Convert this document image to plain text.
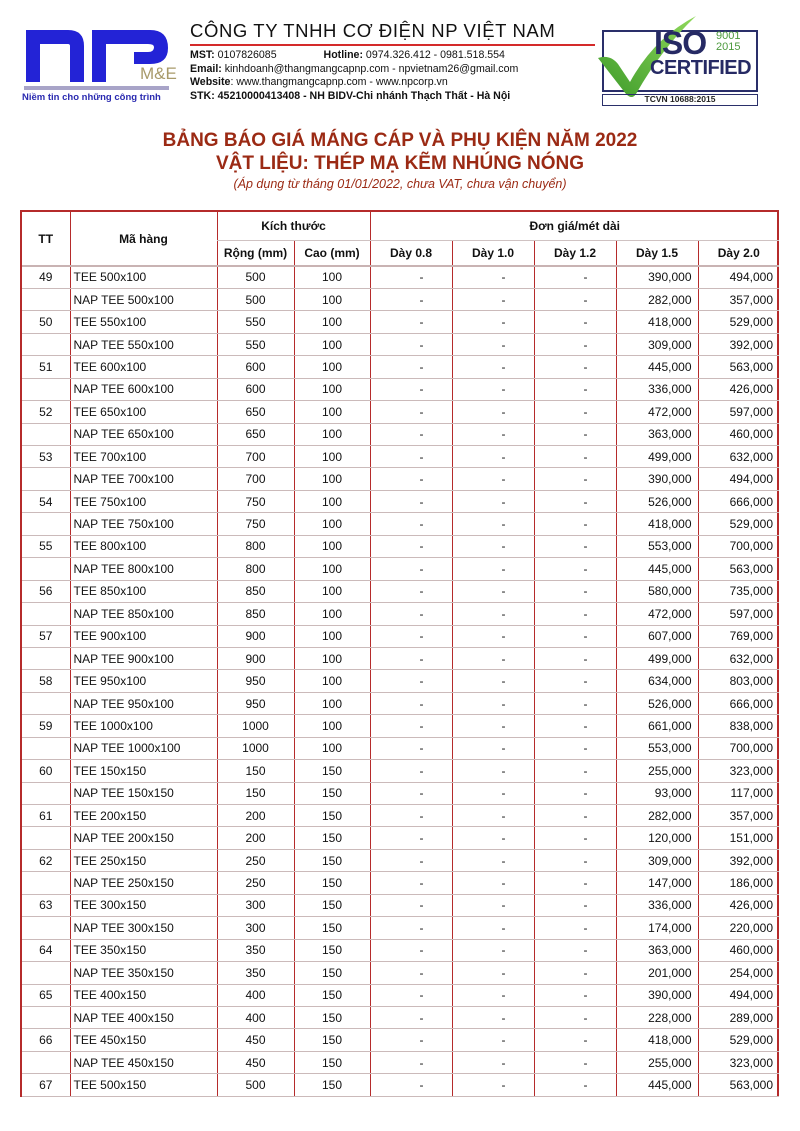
M&E
Niềm tin cho những công trình
CÔNG TY TNHH CƠ ĐIỆN NP VIỆT NAM
MST: 0107826085	Hotline: 0974.326.412 - 0981.518.554
Email: kinhdoanh@thangmangcapnp.com - npvietnam26@gmail.com
Website: www.thangmangcapnp.com - www.npcorp.vn
STK: 45210000413408 - NH BIDV-Chi nhánh Thạch Thất - Hà Nội
ISO 9001
2015
CERTIFIED
TCVN 10688:2015
BẢNG BÁO GIÁ MÁNG CÁP VÀ PHỤ KIỆN NĂM 2022
VẬT LIỆU: THÉP MẠ KẼM NHÚNG NÓNG
(Áp dụng từ tháng 01/01/2022, chưa VAT, chưa vận chuyển)
TT	Mã hàng	Kích thước		Đơn giá/mét dài				
		Rộng (mm)	Cao (mm)	Dày 0.8	Dày 1.0	Dày 1.2	Dày 1.5	Dày 2.0
49	TEE 500x100	500	100	-	-	-	390,000	494,000
	NAP TEE 500x100	500	100	-	-	-	282,000	357,000
50	TEE 550x100	550	100	-	-	-	418,000	529,000
	NAP TEE 550x100	550	100	-	-	-	309,000	392,000
51	TEE 600x100	600	100	-	-	-	445,000	563,000
	NAP TEE 600x100	600	100	-	-	-	336,000	426,000
52	TEE 650x100	650	100	-	-	-	472,000	597,000
	NAP TEE 650x100	650	100	-	-	-	363,000	460,000
53	TEE 700x100	700	100	-	-	-	499,000	632,000
	NAP TEE 700x100	700	100	-	-	-	390,000	494,000
54	TEE 750x100	750	100	-	-	-	526,000	666,000
	NAP TEE 750x100	750	100	-	-	-	418,000	529,000
55	TEE 800x100	800	100	-	-	-	553,000	700,000
	NAP TEE 800x100	800	100	-	-	-	445,000	563,000
56	TEE 850x100	850	100	-	-	-	580,000	735,000
	NAP TEE 850x100	850	100	-	-	-	472,000	597,000
57	TEE 900x100	900	100	-	-	-	607,000	769,000
	NAP TEE 900x100	900	100	-	-	-	499,000	632,000
58	TEE 950x100	950	100	-	-	-	634,000	803,000
	NAP TEE 950x100	950	100	-	-	-	526,000	666,000
59	TEE 1000x100	1000	100	-	-	-	661,000	838,000
	NAP TEE 1000x100	1000	100	-	-	-	553,000	700,000
60	TEE 150x150	150	150	-	-	-	255,000	323,000
	NAP TEE 150x150	150	150	-	-	-	93,000	117,000
61	TEE 200x150	200	150	-	-	-	282,000	357,000
	NAP TEE 200x150	200	150	-	-	-	120,000	151,000
62	TEE 250x150	250	150	-	-	-	309,000	392,000
	NAP TEE 250x150	250	150	-	-	-	147,000	186,000
63	TEE 300x150	300	150	-	-	-	336,000	426,000
	NAP TEE 300x150	300	150	-	-	-	174,000	220,000
64	TEE 350x150	350	150	-	-	-	363,000	460,000
	NAP TEE 350x150	350	150	-	-	-	201,000	254,000
65	TEE 400x150	400	150	-	-	-	390,000	494,000
	NAP TEE 400x150	400	150	-	-	-	228,000	289,000
66	TEE 450x150	450	150	-	-	-	418,000	529,000
	NAP TEE 450x150	450	150	-	-	-	255,000	323,000
67	TEE 500x150	500	150	-	-	-	445,000	563,000
